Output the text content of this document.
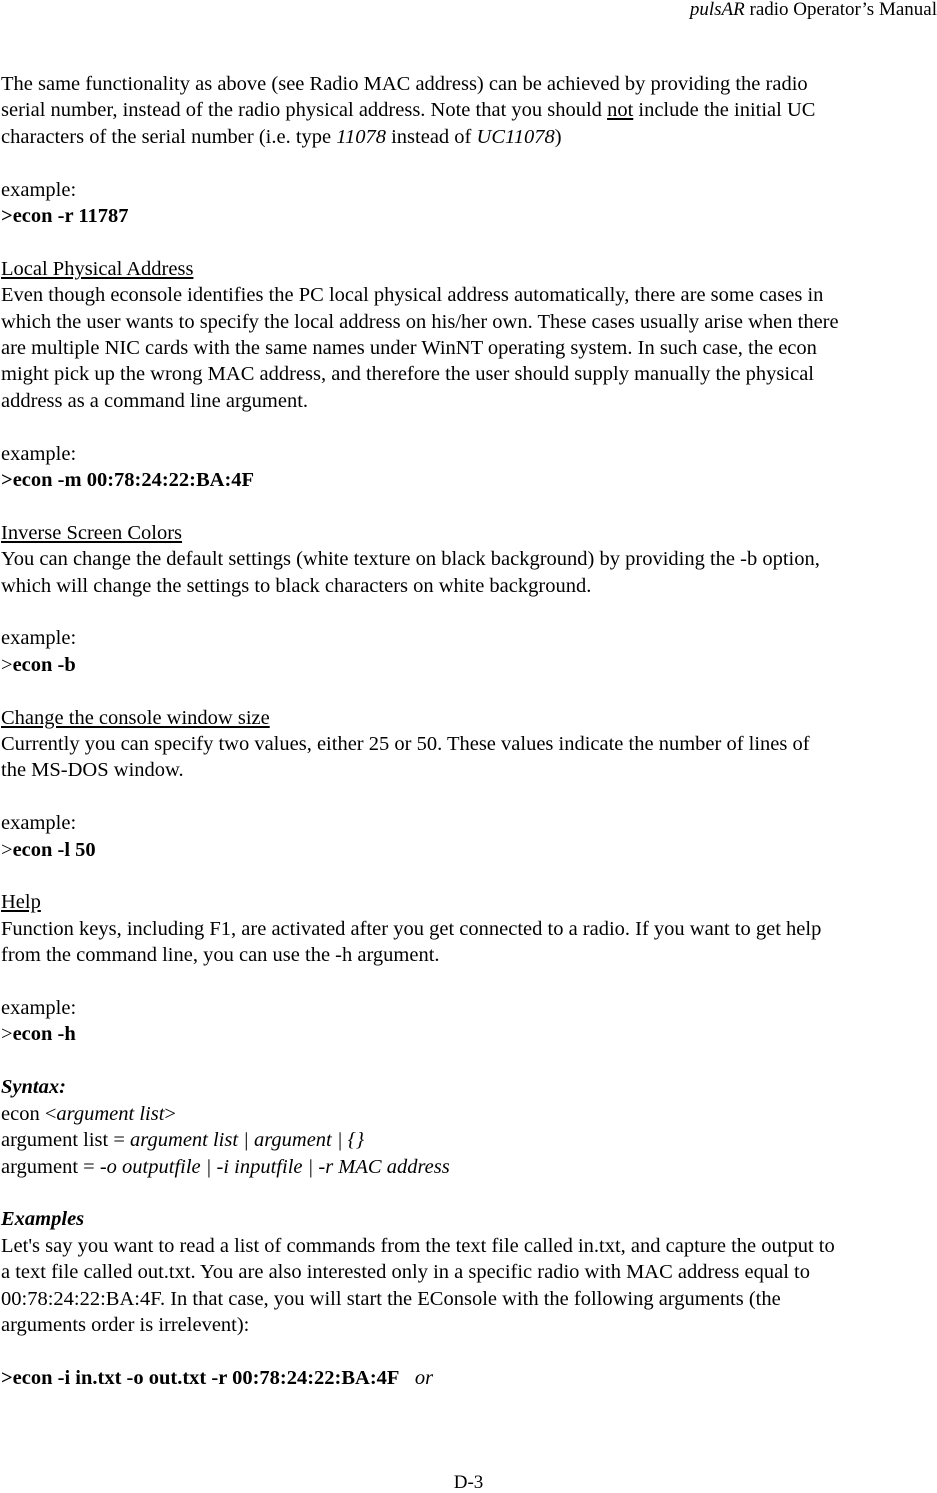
pulsAR radio Operator’s Manual

The same functionality as above (see Radio MAC address) can be achieved by providing the radio
serial number, instead of the radio physical address. Note that you should not include the initial UC
characters of the serial number (i.e. type 11078 instead of UC11078)

example:
>econ -r 11787

Local Physical Address
Even though econsole identifies the PC local physical address automatically, there are some cases in
which the user wants to specify the local address on his/her own. These cases usually arise when there
are multiple NIC cards with the same names under WinNT operating system. In such case, the econ
might pick up the wrong MAC address, and therefore the user should supply manually the physical
address as a command line argument.

example:
>econ -m 00:78:24:22:BA:4F

Inverse Screen Colors
You can change the default settings (white texture on black background) by providing the -b option,
which will change the settings to black characters on white background.

example:
>econ -b

Change the console window size
Currently you can specify two values, either 25 or 50. These values indicate the number of lines of
the MS-DOS window.

example:
>econ -l 50

Help
Function keys, including F1, are activated after you get connected to a radio. If you want to get help
from the command line, you can use the -h argument.

example:
>econ -h

Syntax:
econ <argument list>
argument list = argument list | argument | {}
argument = -o outputfile | -i inputfile | -r MAC address

Examples
Let's say you want to read a list of commands from the text file called in.txt, and capture the output to
a text file called out.txt. You are also interested only in a specific radio with MAC address equal to
00:78:24:22:BA:4F. In that case, you will start the EConsole with the following arguments (the
arguments order is irrelevent):

>econ -i in.txt -o out.txt -r 00:78:24:22:BA:4F or

D-3
